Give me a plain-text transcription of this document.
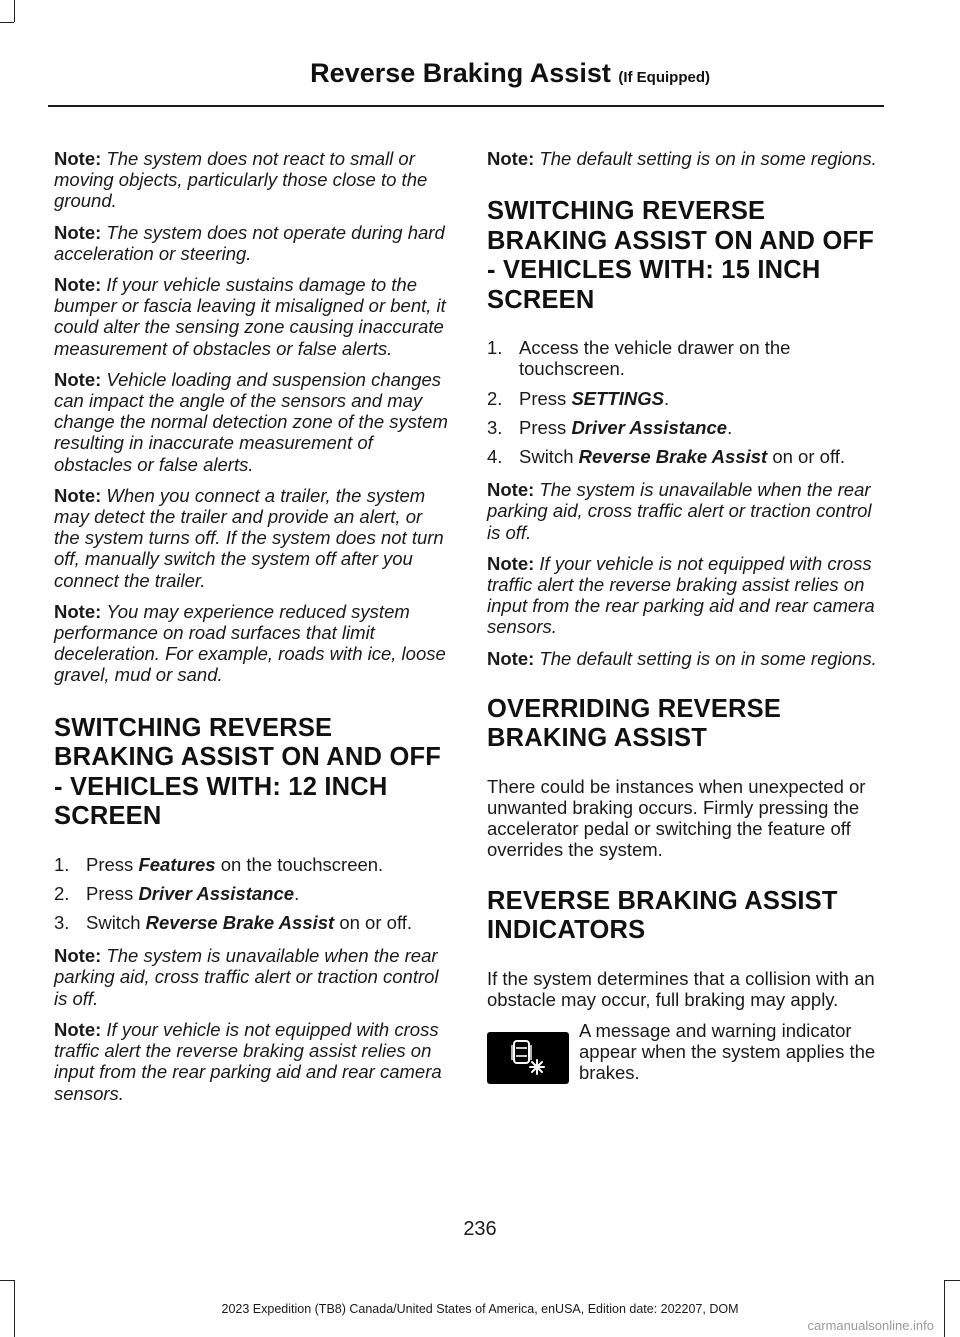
Reverse Braking Assist (If Equipped)

Note: The system does not react to small or moving objects, particularly those close to the ground.

Note: The system does not operate during hard acceleration or steering.

Note: If your vehicle sustains damage to the bumper or fascia leaving it misaligned or bent, it could alter the sensing zone causing inaccurate measurement of obstacles or false alerts.

Note: Vehicle loading and suspension changes can impact the angle of the sensors and may change the normal detection zone of the system resulting in inaccurate measurement of obstacles or false alerts.

Note: When you connect a trailer, the system may detect the trailer and provide an alert, or the system turns off. If the system does not turn off, manually switch the system off after you connect the trailer.

Note: You may experience reduced system performance on road surfaces that limit deceleration. For example, roads with ice, loose gravel, mud or sand.

SWITCHING REVERSE BRAKING ASSIST ON AND OFF - VEHICLES WITH: 12 INCH SCREEN
1. Press Features on the touchscreen.
2. Press Driver Assistance.
3. Switch Reverse Brake Assist on or off.

Note: The system is unavailable when the rear parking aid, cross traffic alert or traction control is off.

Note: If your vehicle is not equipped with cross traffic alert the reverse braking assist relies on input from the rear parking aid and rear camera sensors.

Note: The default setting is on in some regions.

SWITCHING REVERSE BRAKING ASSIST ON AND OFF - VEHICLES WITH: 15 INCH SCREEN
1. Access the vehicle drawer on the touchscreen.
2. Press SETTINGS.
3. Press Driver Assistance.
4. Switch Reverse Brake Assist on or off.

Note: The system is unavailable when the rear parking aid, cross traffic alert or traction control is off.

Note: If your vehicle is not equipped with cross traffic alert the reverse braking assist relies on input from the rear parking aid and rear camera sensors.

Note: The default setting is on in some regions.

OVERRIDING REVERSE BRAKING ASSIST

There could be instances when unexpected or unwanted braking occurs. Firmly pressing the accelerator pedal or switching the feature off overrides the system.

REVERSE BRAKING ASSIST INDICATORS

If the system determines that a collision with an obstacle may occur, full braking may apply.

A message and warning indicator appear when the system applies the brakes.

236
2023 Expedition (TB8) Canada/United States of America, enUSA, Edition date: 202207, DOM
carmanualsonline.info
